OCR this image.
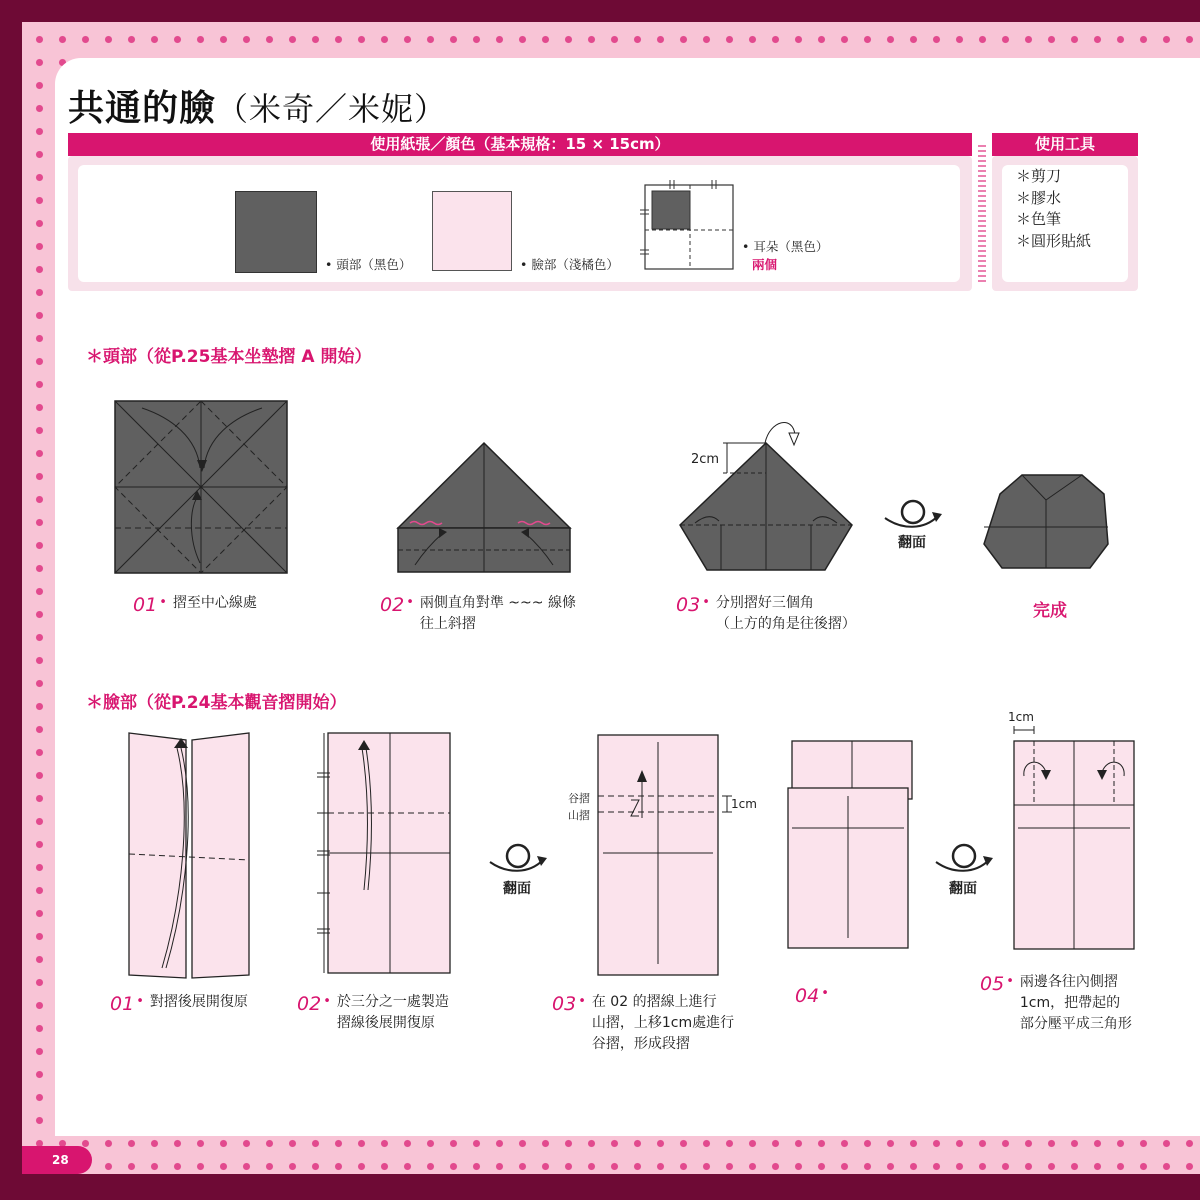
28
共通的臉（米奇／米妮）
使用紙張／顏色（基本規格：15 × 15cm）
• 頭部（黑色）	• 臉部（淺橘色）
• 耳朵（黑色）
兩個
使用工具
＊剪刀
＊膠水
＊色筆
＊圓形貼紙
＊頭部（從P.25基本坐墊摺 A 開始）
2cm
翻面
01 • 摺至中心線處	02 • 兩側直角對準 ~~~ 線條
往上斜摺
03 • 分別摺好三個角
（上方的角是往後摺）
完成
＊臉部（從P.24基本觀音摺開始）
翻面
谷摺
山摺
1cm
翻面
1cm
01 • 對摺後展開復原	02 • 於三分之一處製造
摺線後展開復原
03 • 在 02 的摺線上進行
山摺，上移1cm處進行
谷摺，形成段摺
04 •	05 • 兩邊各往內側摺
1cm，把帶起的
部分壓平成三角形
